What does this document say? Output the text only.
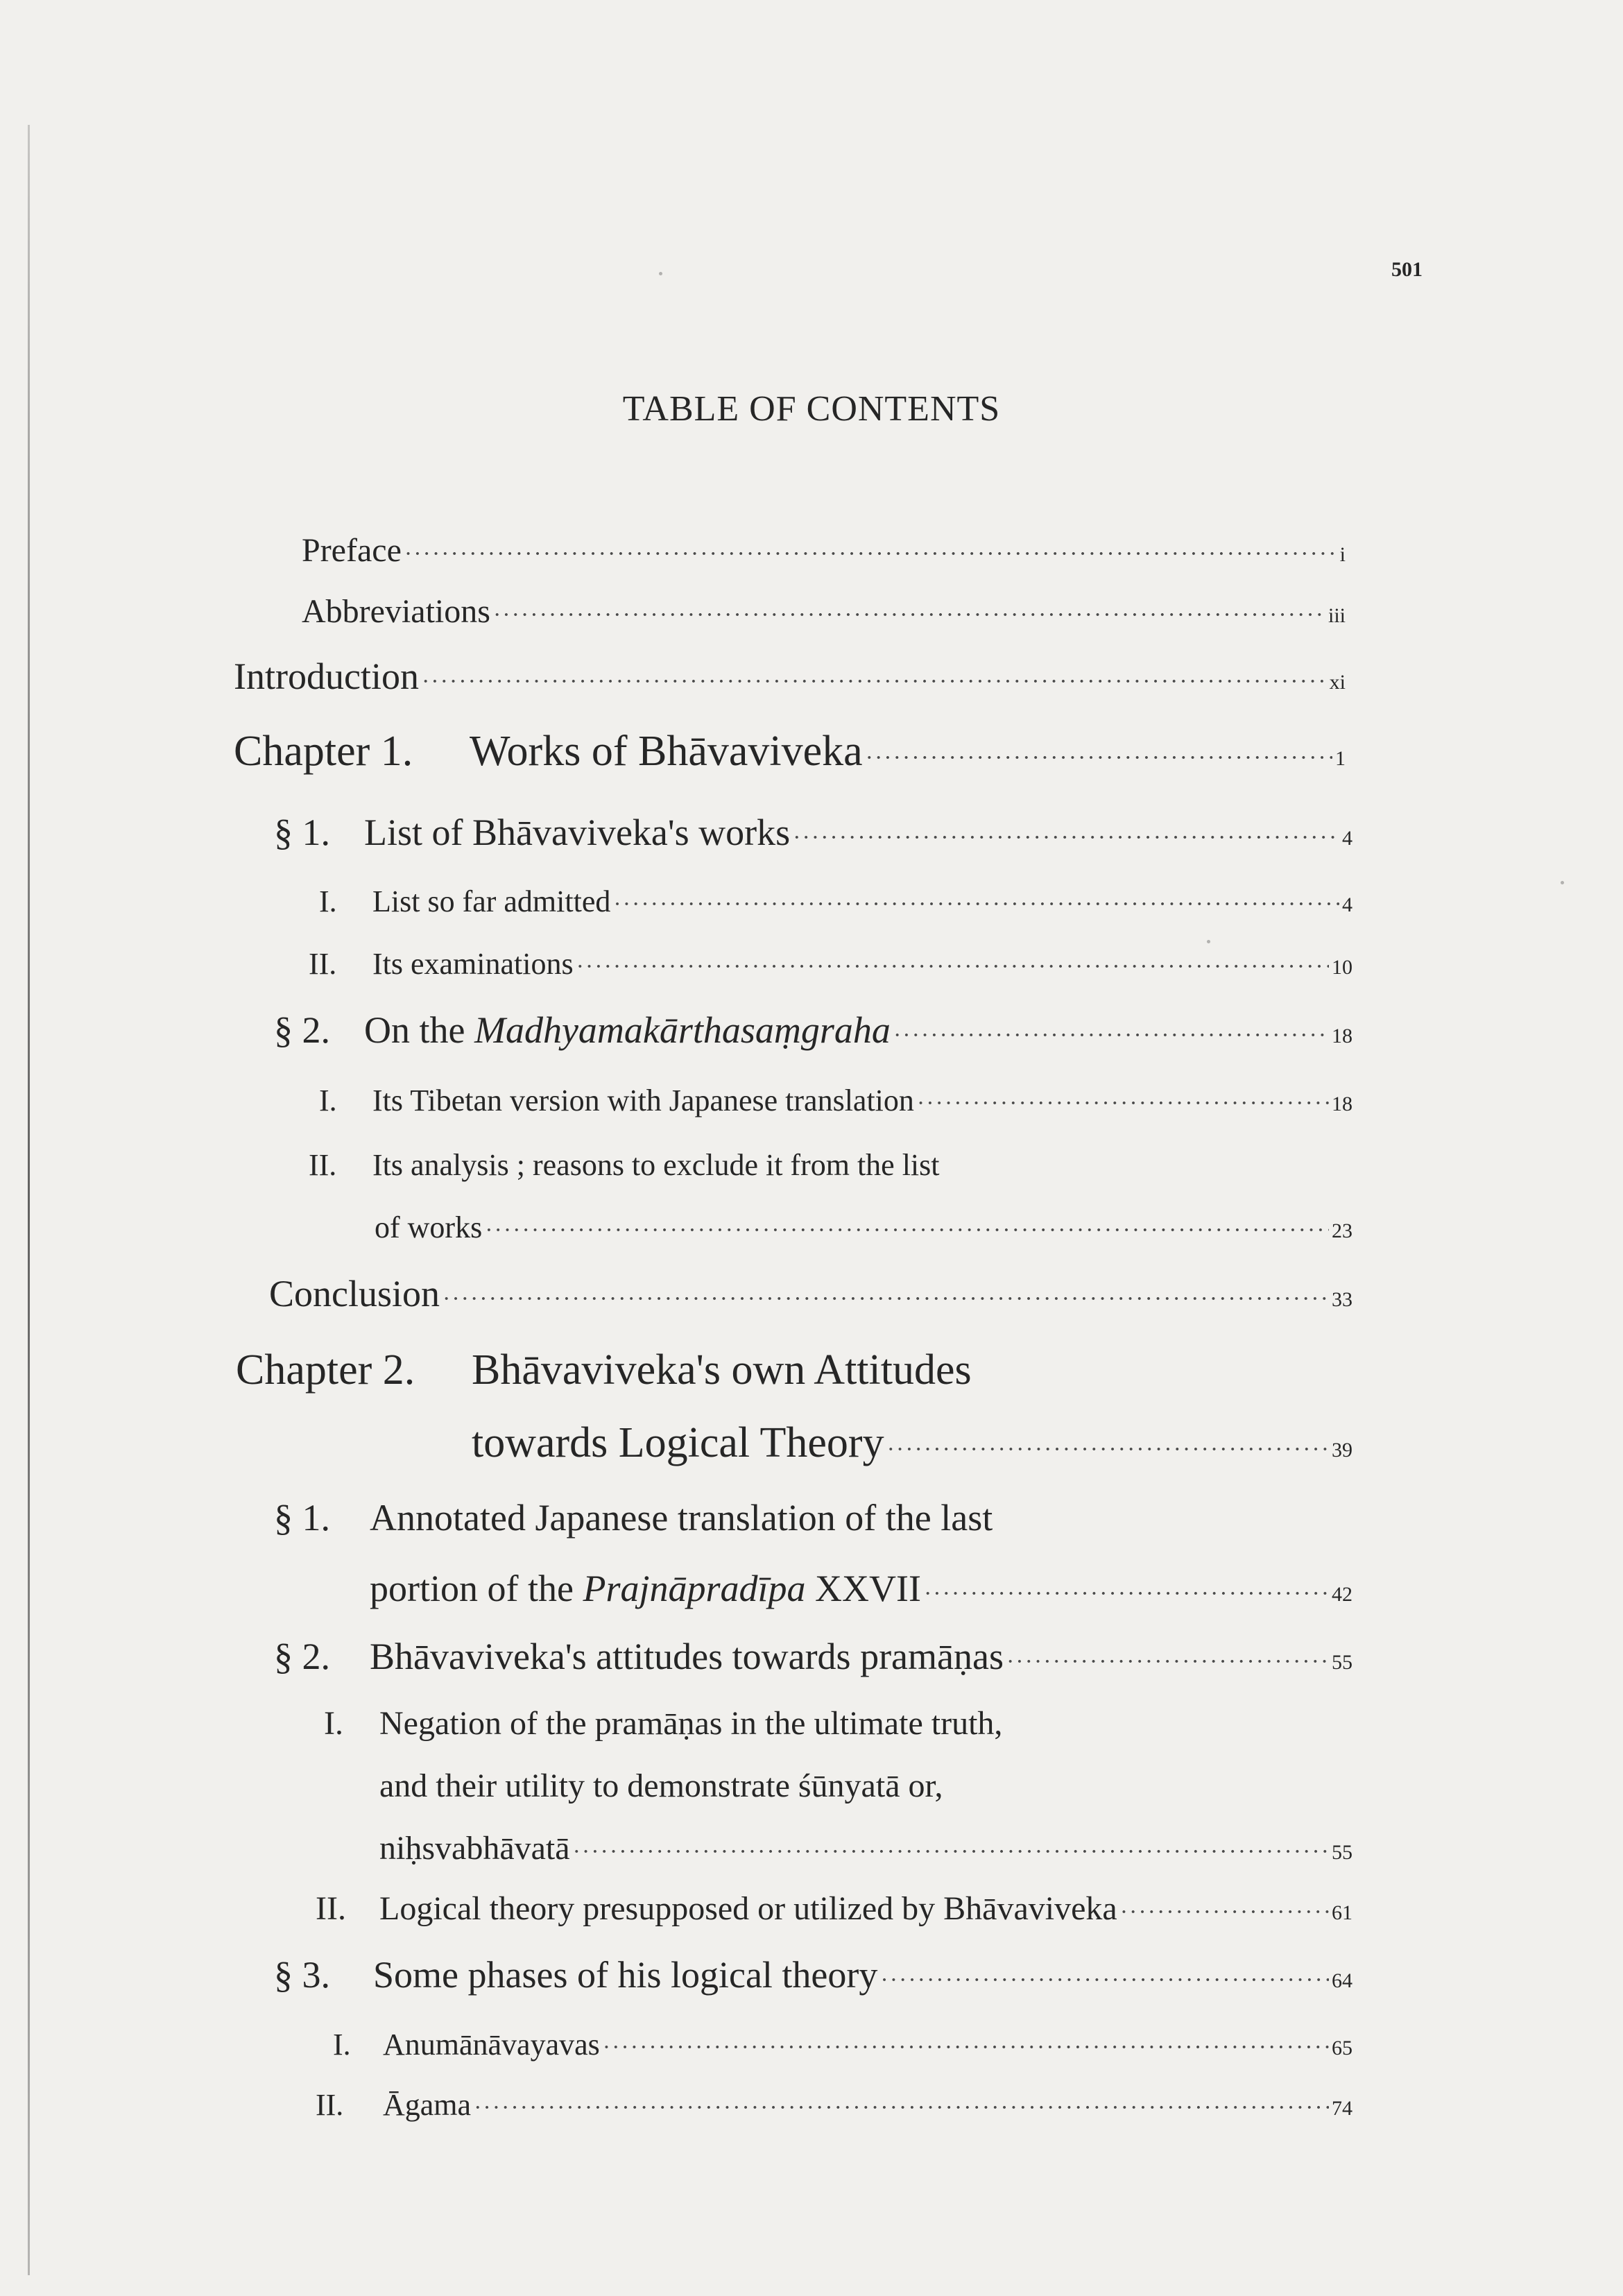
501
TABLE OF CONTENTS
Preface ·····	i
Abbreviations ·····	iii
Introduction ·····	xi
Chapter 1. Works of Bhāvaviveka ·····	1
§ 1. List of Bhāvaviveka's works ·····	4
I. List so far admitted ·····	4
II. Its examinations ·····	10
§ 2. On the Madhyamakārthasaṃgraha ·····	18
I. Its Tibetan version with Japanese translation ·····	18
II. Its analysis ; reasons to exclude it from the list
of works ·····	23
Conclusion ·····	33
Chapter 2. Bhāvaviveka's own Attitudes
towards Logical Theory ·····	39
§ 1. Annotated Japanese translation of the last
portion of the Prajnāpradīpa XXVII ·····	42
§ 2. Bhāvaviveka's attitudes towards pramāṇas ·····	55
I. Negation of the pramāṇas in the ultimate truth,
and their utility to demonstrate śūnyatā or,
niḥsvabhāvatā ·····	55
II. Logical theory presupposed or utilized by Bhāvaviveka ·····	61
§ 3. Some phases of his logical theory ·····	64
I. Anumānāvayavas ·····	65
II. Āgama ·····	74
